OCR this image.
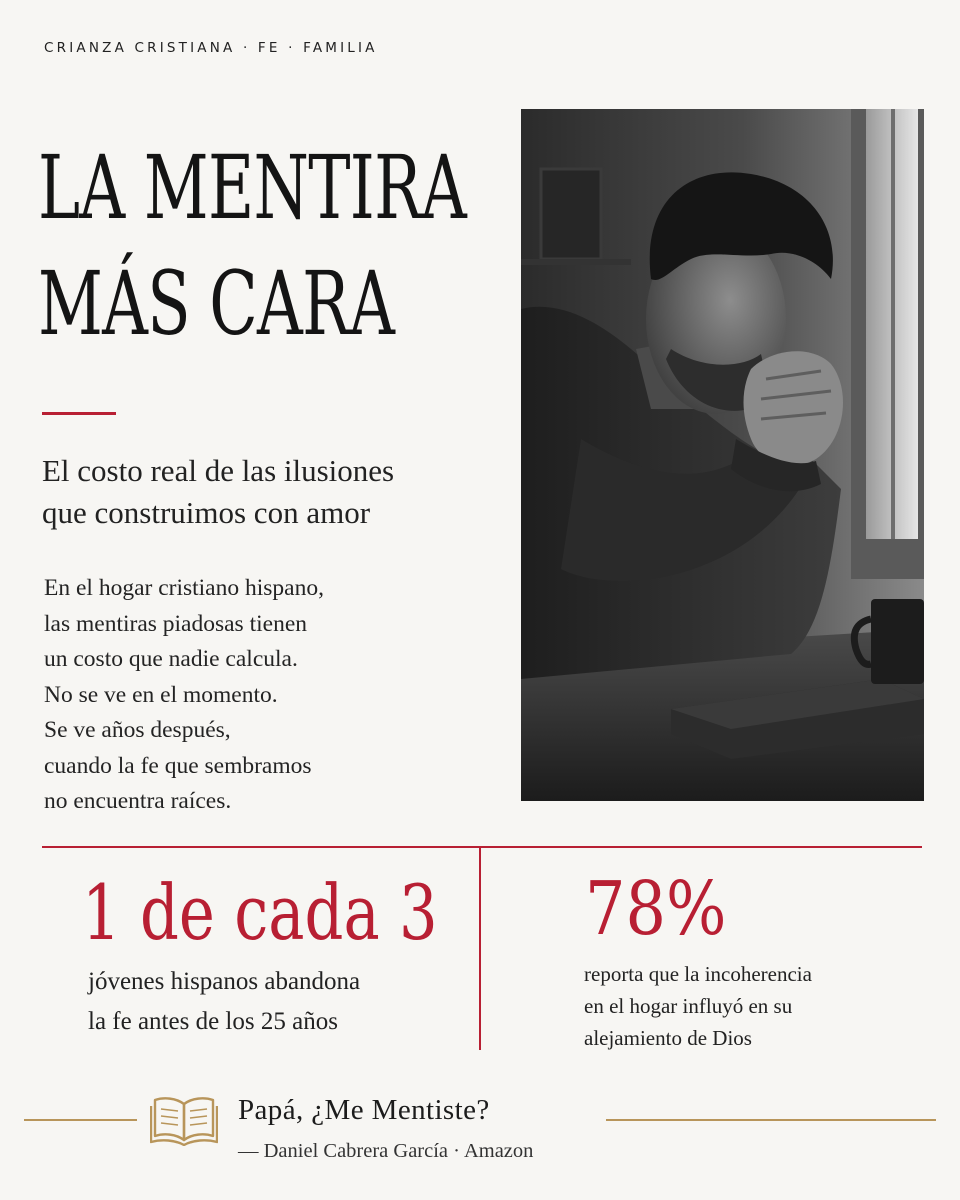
CRIANZA CRISTIANA · FE · FAMILIA
LA MENTIRA
MÁS CARA
El costo real de las ilusiones
que construimos con amor
En el hogar cristiano hispano,
las mentiras piadosas tienen
un costo que nadie calcula.
No se ve en el momento.
Se ve años después,
cuando la fe que sembramos
no encuentra raíces.
1 de cada 3
jóvenes hispanos abandona
la fe antes de los 25 años
78%
reporta que la incoherencia
en el hogar influyó en su
alejamiento de Dios
Papá, ¿Me Mentiste?
— Daniel Cabrera García · Amazon
